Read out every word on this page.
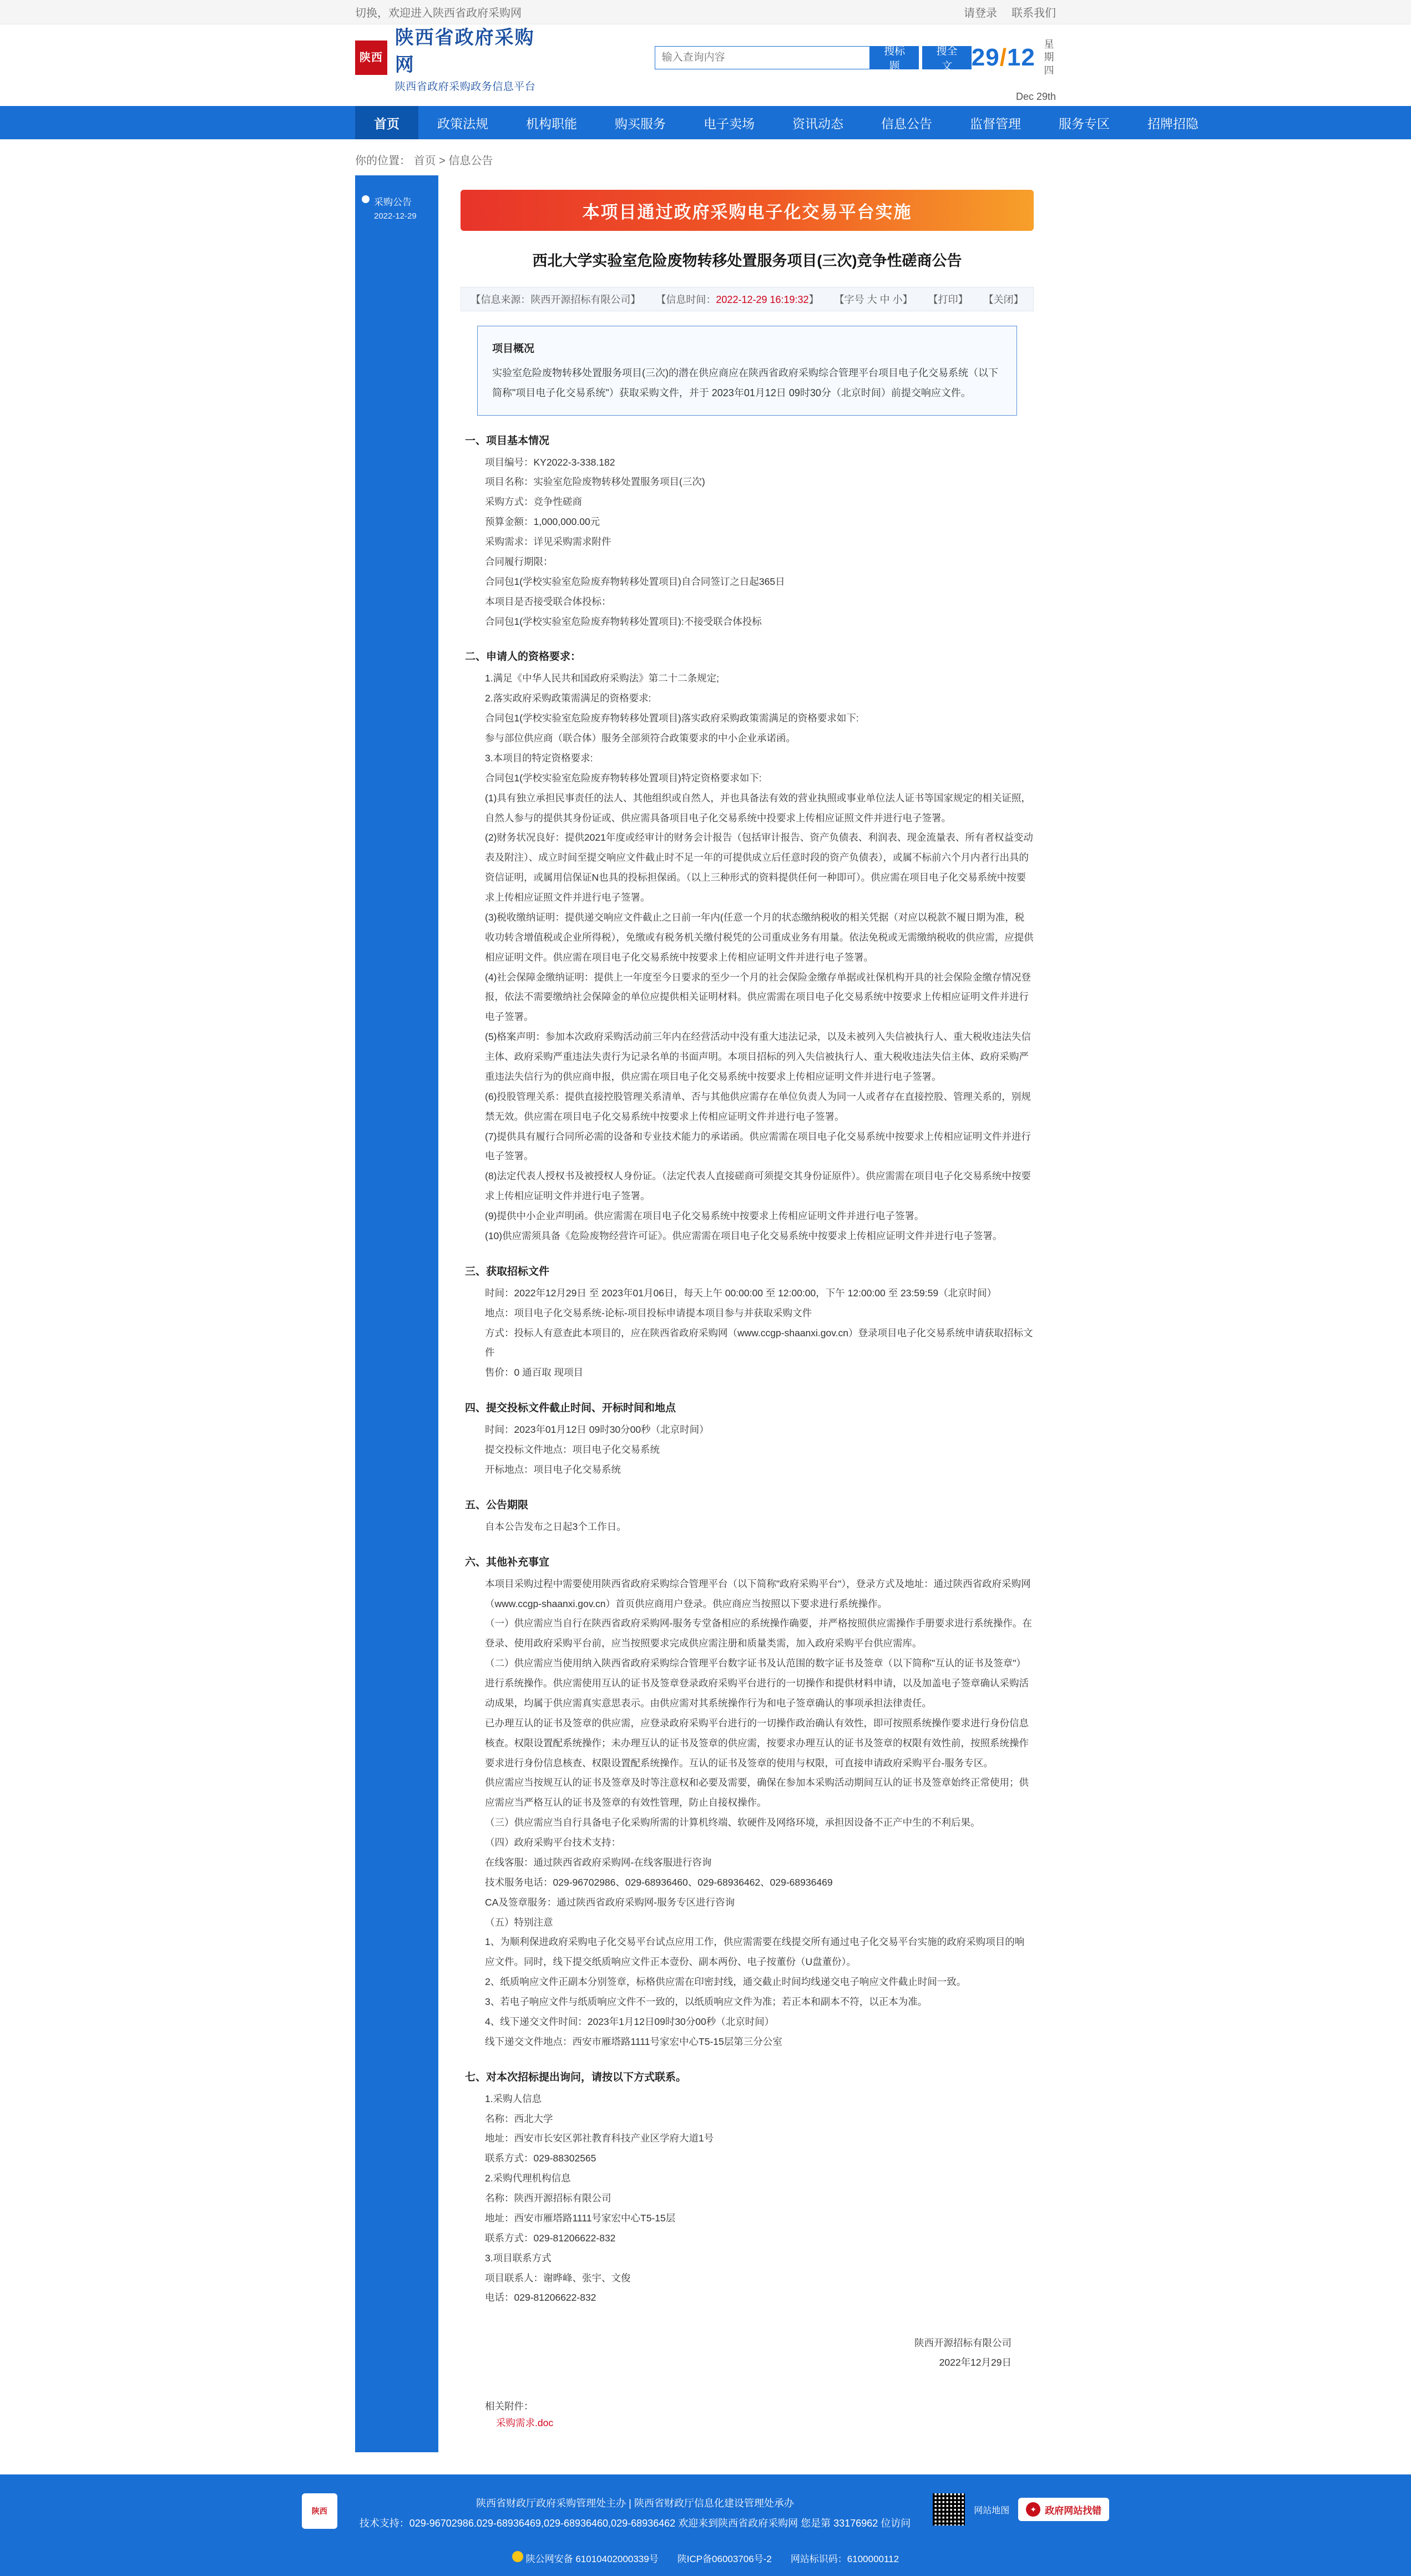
切换，欢迎进入陕西省政府采购网	请登录 联系我们
陕西
陕西省政府采购网
陕西省政府采购政务信息平台
输入查询内容
搜标题
搜全文 29/12 星期
四
Dec 29th
首页	政策法规	机构职能	购买服务	电子卖场	资讯动态	信息公告	监督管理	服务专区	招牌招隐
你的位置： 首页 > 信息公告
采购公告
2022-12-29	本项目通过政府采购电子化交易平台实施
西北大学实验室危险废物转移处置服务项目(三次)竞争性磋商公告
【信息来源：陕西开源招标有限公司】 【信息时间：2022-12-29 16:19:32】 【字号 大 中 小】 【打印】 【关闭】
项目概况
实验室危险废物转移处置服务项目(三次)的潜在供应商应在陕西省政府采购综合管理平台项目电子化交易系统（以下简称"项目电子化交易系统"）获取采购文件，并于 2023年01月12日 09时30分（北京时间）前提交响应文件。
一、项目基本情况

项目编号：KY2022-3-338.182

项目名称：实验室危险废物转移处置服务项目(三次)

采购方式：竞争性磋商

预算金额：1,000,000.00元

采购需求：详见采购需求附件

合同履行期限：

合同包1(学校实验室危险废弃物转移处置项目)自合同签订之日起365日

本项目是否接受联合体投标：

合同包1(学校实验室危险废弃物转移处置项目):不接受联合体投标

二、申请人的资格要求：

1.满足《中华人民共和国政府采购法》第二十二条规定;

2.落实政府采购政策需满足的资格要求:

合同包1(学校实验室危险废弃物转移处置项目)落实政府采购政策需满足的资格要求如下:

参与部位供应商（联合体）服务全部须符合政策要求的中小企业承诺函。

3.本项目的特定资格要求:

合同包1(学校实验室危险废弃物转移处置项目)特定资格要求如下:

(1)具有独立承担民事责任的法人、其他组织或自然人，并也具备法有效的营业执照或事业单位法人证书等国家规定的相关证照，自然人参与的提供其身份证或、供应需具备项目电子化交易系统中投要求上传相应证照文件并进行电子签署。

(2)财务状况良好：提供2021年度或经审计的财务会计报告（包括审计报告、资产负债表、利润表、现金流量表、所有者权益变动表及附注）、成立时间至提交响应文件截止时不足一年的可提供成立后任意时段的资产负债表），或属不标前六个月内者行出具的资信证明，或属用信保证N也具的投标担保函。（以上三种形式的资料提供任何一种即可）。供应需在项目电子化交易系统中按要求上传相应证照文件并进行电子签署。

(3)税收缴纳证明：提供递交响应文件截止之日前一年内(任意一个月的状态缴纳税收的相关凭据（对应以税款不履日期为准，税收功转含增值税或企业所得税），免缴或有税务机关缴付税凭的公司重成业务有用量。依法免税或无需缴纳税收的供应需，应提供相应证明文件。供应需在项目电子化交易系统中按要求上传相应证明文件并进行电子签署。

(4)社会保障金缴纳证明：提供上一年度至今日要求的至少一个月的社会保险金缴存单据或社保机构开具的社会保险金缴存情况登报，依法不需要缴纳社会保障金的单位应提供相关证明材料。供应需需在项目电子化交易系统中按要求上传相应证明文件并进行电子签署。

(5)格案声明：参加本次政府采购活动前三年内在经营活动中没有重大违法记录，以及未被列入失信被执行人、重大税收违法失信主体、政府采购严重违法失责行为记录名单的书面声明。本项目招标的列入失信被执行人、重大税收违法失信主体、政府采购严重违法失信行为的供应商申报，供应需在项目电子化交易系统中按要求上传相应证明文件并进行电子签署。

(6)投股管理关系：提供直接控股管理关系清单、否与其他供应需存在单位负责人为同一人或者存在直接控股、管理关系的，别规禁无效。供应需在项目电子化交易系统中按要求上传相应证明文件并进行电子签署。

(7)提供具有履行合同所必需的设备和专业技术能力的承诺函。供应需需在项目电子化交易系统中按要求上传相应证明文件并进行电子签署。

(8)法定代表人授权书及被授权人身份证。（法定代表人直接磋商可须提交其身份证原件）。供应需需在项目电子化交易系统中按要求上传相应证明文件并进行电子签署。

(9)提供中小企业声明函。供应需需在项目电子化交易系统中按要求上传相应证明文件并进行电子签署。

(10)供应需须具备《危险废物经营许可证》。供应需需在项目电子化交易系统中按要求上传相应证明文件并进行电子签署。

三、获取招标文件

时间：2022年12月29日 至 2023年01月06日，每天上午 00:00:00 至 12:00:00，下午 12:00:00 至 23:59:59（北京时间）

地点：项目电子化交易系统-论标-项目投标申请提本项目参与并获取采购文件

方式：投标人有意查此本项目的，应在陕西省政府采购网（www.ccgp-shaanxi.gov.cn）登录项目电子化交易系统申请获取招标文件

售价：0 通百取 现项目

四、提交投标文件截止时间、开标时间和地点

时间：2023年01月12日 09时30分00秒（北京时间）

提交投标文件地点：项目电子化交易系统

开标地点：项目电子化交易系统

五、公告期限

自本公告发布之日起3个工作日。

六、其他补充事宜

本项目采购过程中需要使用陕西省政府采购综合管理平台（以下简称"政府采购平台"），登录方式及地址：通过陕西省政府采购网（www.ccgp-shaanxi.gov.cn）首页供应商用户登录。供应商应当按照以下要求进行系统操作。

（一）供应需应当自行在陕西省政府采购网-服务专堂备相应的系统操作确要，并严格按照供应需操作手册要求进行系统操作。在登录、使用政府采购平台前，应当按照要求完成供应需注册和质量类需，加入政府采购平台供应需库。

（二）供应需应当使用纳入陕西省政府采购综合管理平台数字证书及认范围的数字证书及签章（以下简称"互认的证书及签章"）进行系统操作。供应需使用互认的证书及签章登录政府采购平台进行的一切操作和提供材料申请，以及加盖电子签章确认采购活动成果，均属于供应需真实意思表示。由供应需对其系统操作行为和电子签章确认的事项承担法律责任。

已办理互认的证书及签章的供应需，应登录政府采购平台进行的一切操作政治确认有效性，即可按照系统操作要求进行身份信息核查。权限设置配系统操作；未办理互认的证书及签章的供应需，按要求办理互认的证书及签章的权限有效性前，按照系统操作要求进行身份信息核查、权限设置配系统操作。互认的证书及签章的使用与权限，可直接申请政府采购平台-服务专区。

供应需应当按规互认的证书及签章及时等注意权和必要及需要，确保在参加本采购活动期间互认的证书及签章始终正常使用；供应需应当严格互认的证书及签章的有效性管理，防止自接权操作。

（三）供应需应当自行具备电子化采购所需的计算机终端、软硬件及网络环境，承担因设备不正产中生的不利后果。

（四）政府采购平台技术支持：

在线客服：通过陕西省政府采购网-在线客服进行咨询

技术服务电话：029-96702986、029-68936460、029-68936462、029-68936469

CA及签章服务：通过陕西省政府采购网-服务专区进行咨询

（五）特别注意

1、为顺利保进政府采购电子化交易平台试点应用工作，供应需需要在线提交所有通过电子化交易平台实施的政府采购项目的响应文件。同时，线下提交纸质响应文件正本壹份、副本两份、电子按董份（U盘董份）。

2、纸质响应文件正副本分别签章，标格供应需在印密封线，通交截止时间均线递交电子响应文件截止时间一致。

3、若电子响应文件与纸质响应文件不一致的，以纸质响应文件为准；若正本和副本不符，以正本为准。

4、线下递交文件时间：2023年1月12日09时30分00秒（北京时间）

线下递交文件地点：西安市雁塔路1111号家宏中心T5-15层第三分公室

七、对本次招标提出询问，请按以下方式联系。

1.采购人信息

名称：西北大学

地址：西安市长安区郭社教育科技产业区学府大道1号

联系方式：029-88302565

2.采购代理机构信息

名称：陕西开源招标有限公司

地址：西安市雁塔路1111号家宏中心T5-15层

联系方式：029-81206622-832

3.项目联系方式

项目联系人：谢晔峰、张宇、文俊

电话：029-81206622-832

陕西开源招标有限公司
2022年12月29日
相关附件：
采购需求.doc
陕西
陕西省财政厅政府采购管理处主办 | 陕西省财政厅信息化建设管理处承办
技术支持：029-96702986.029-68936469,029-68936460,029-68936462 欢迎来到陕西省政府采购网 您是第 33176962 位访问
网站地图	✦ 政府网站找错
陕公网安备 61010402000339号 陕ICP备06003706号-2 网站标识码：6100000112
